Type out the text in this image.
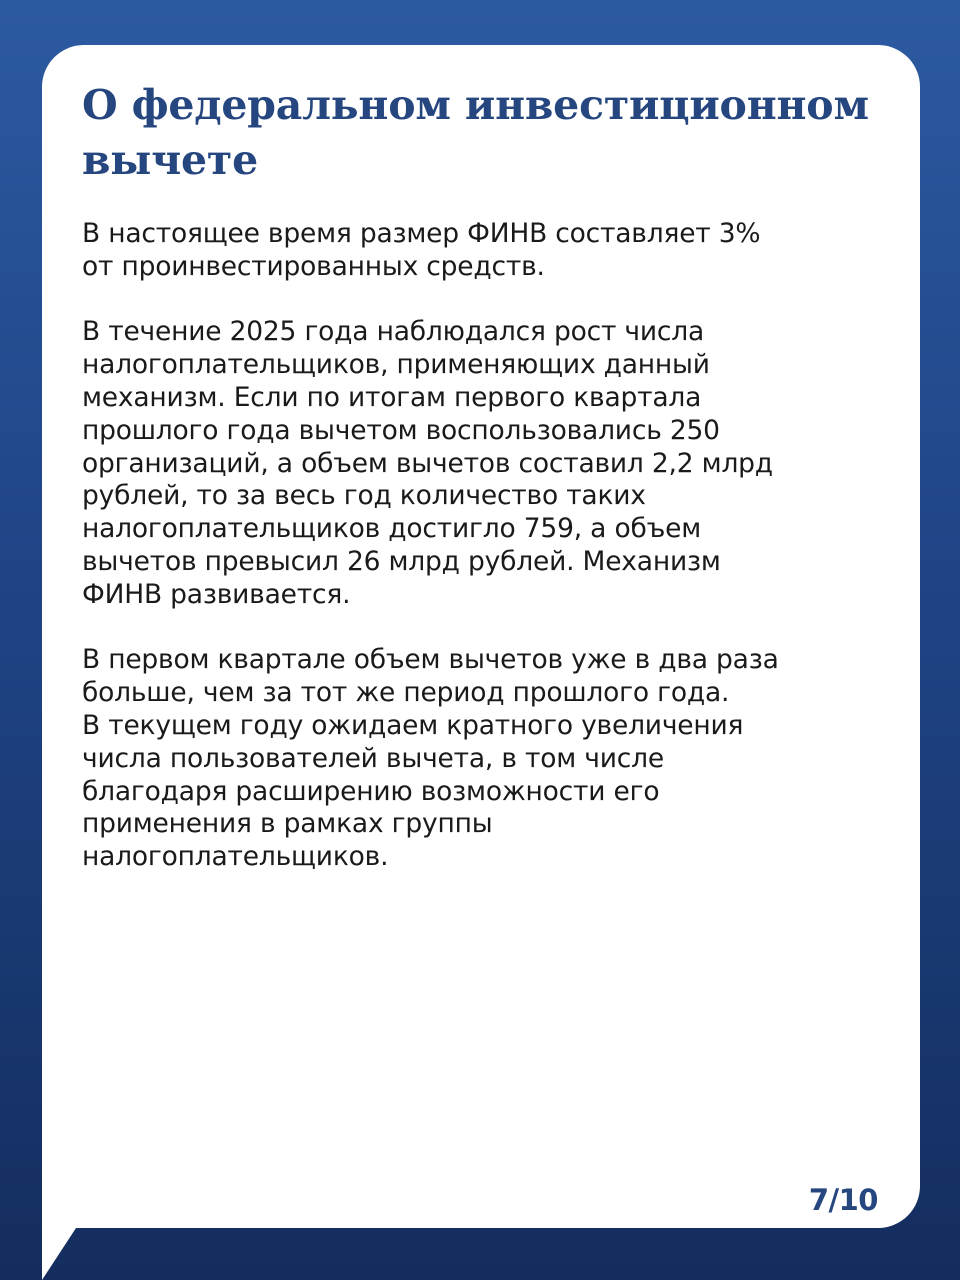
О федеральном инвестиционном вычете

В настоящее время размер ФИНВ составляет 3%
от проинвестированных средств.

В течение 2025 года наблюдался рост числа
налогоплательщиков, применяющих данный
механизм. Если по итогам первого квартала
прошлого года вычетом воспользовались 250
организаций, а объем вычетов составил 2,2 млрд
рублей, то за весь год количество таких
налогоплательщиков достигло 759, а объем
вычетов превысил 26 млрд рублей. Механизм
ФИНВ развивается.

В первом квартале объем вычетов уже в два раза
больше, чем за тот же период прошлого года.
В текущем году ожидаем кратного увеличения
числа пользователей вычета, в том числе
благодаря расширению возможности его
применения в рамках группы
налогоплательщиков.

7/10
